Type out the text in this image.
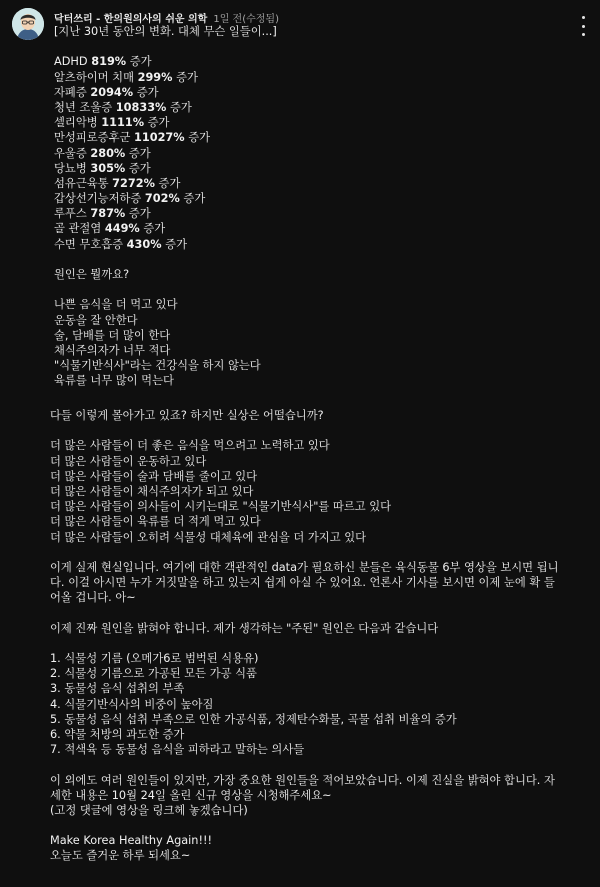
닥터쓰리 - 한의원의사의 쉬운 의학 1일 전(수정됨)
[지난 30년 동안의 변화. 대체 무슨 일들이...]
ADHD 819% 증가
알츠하이머 치매 299% 증가
자폐증 2094% 증가
청년 조울증 10833% 증가
셀리악병 1111% 증가
만성피로증후군 11027% 증가
우울증 280% 증가
당뇨병 305% 증가
섬유근육통 7272% 증가
갑상선기능저하증 702% 증가
루푸스 787% 증가
골 관절염 449% 증가
수면 무호흡증 430% 증가
원인은 뭘까요?
나쁜 음식을 더 먹고 있다
운동을 잘 안한다
술, 담배를 더 많이 한다
채식주의자가 너무 적다
"식물기반식사"라는 건강식을 하지 않는다
육류를 너무 많이 먹는다
다들 이렇게 몰아가고 있죠? 하지만 실상은 어떨습니까?
더 많은 사람들이 더 좋은 음식을 먹으려고 노력하고 있다
더 많은 사람들이 운동하고 있다
더 많은 사람들이 술과 담배를 줄이고 있다
더 많은 사람들이 채식주의자가 되고 있다
더 많은 사람들이 의사들이 시키는대로 "식물기반식사"를 따르고 있다
더 많은 사람들이 육류를 더 적게 먹고 있다
더 많은 사람들이 오히려 식물성 대체육에 관심을 더 가지고 있다
이게 실제 현실입니다. 여기에 대한 객관적인 data가 필요하신 분들은 육식동물 6부 영상을 보시면 됩니
다. 이걸 아시면 누가 거짓말을 하고 있는지 쉽게 아실 수 있어요. 언론사 기사를 보시면 이제 눈에 확 들
어올 겁니다. 아~
이제 진짜 원인을 밝혀야 합니다. 제가 생각하는 "주된" 원인은 다음과 같습니다
1. 식물성 기름 (오메가6로 범벅된 식용유)
2. 식물성 기름으로 가공된 모든 가공 식품
3. 동물성 음식 섭취의 부족
4. 식물기반식사의 비중이 높아짐
5. 동물성 음식 섭취 부족으로 인한 가공식품, 정제탄수화물, 곡물 섭취 비율의 증가
6. 약물 처방의 과도한 증가
7. 적색육 등 동물성 음식을 피하라고 말하는 의사들
이 외에도 여러 원인들이 있지만, 가장 중요한 원인들을 적어보았습니다. 이제 진실을 밝혀야 합니다. 자
세한 내용은 10월 24일 올린 신규 영상을 시청해주세요~
(고정 댓글에 영상을 링크헤 놓겠습니다)
Make Korea Healthy Again!!!
오늘도 즐거운 하루 되세요~
